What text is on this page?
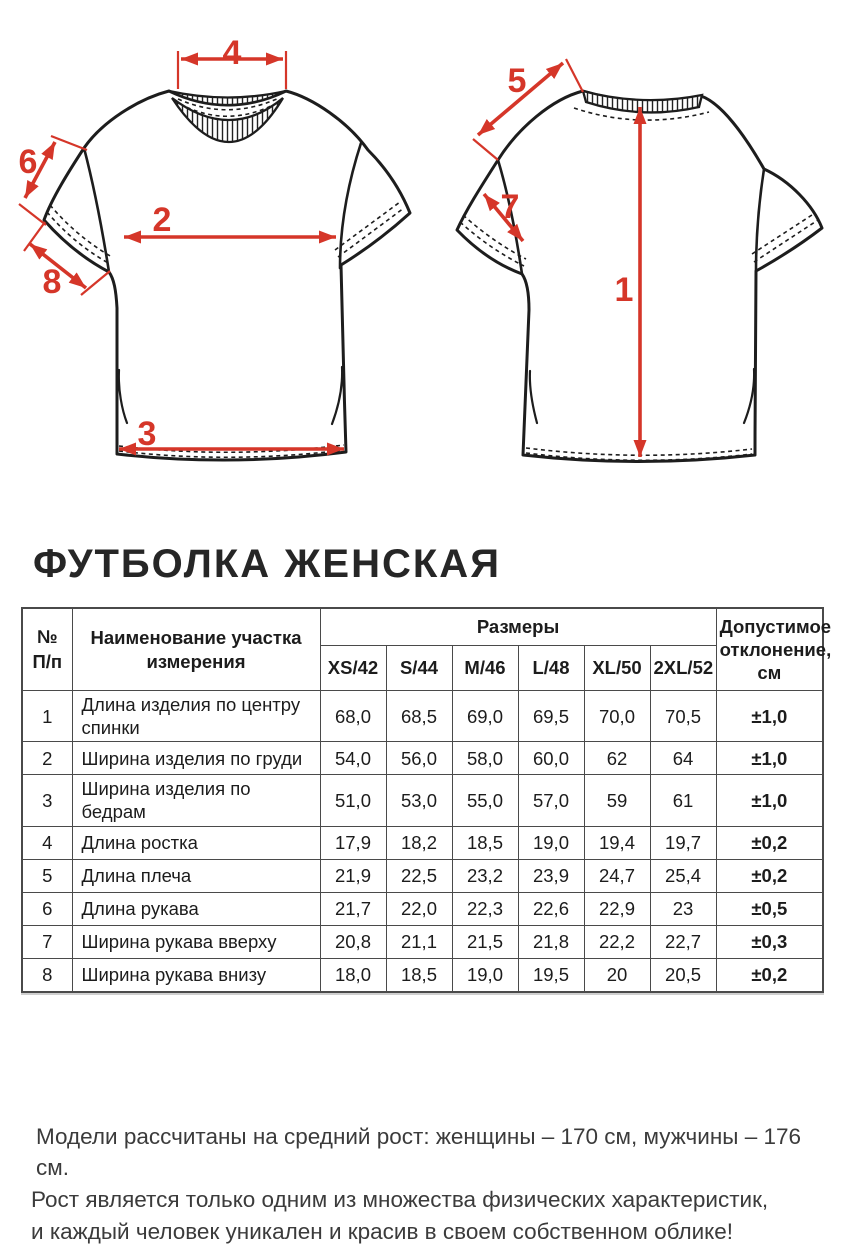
4
6
8
2
3
5
7
1
ФУТБОЛКА ЖЕНСКАЯ
№
П/п	Наименование участка измерения	Размеры						Допустимое отклонение, см
		XS/42	S/44	M/46	L/48	XL/50	2XL/52	
1	Длина изделия по центру спинки	68,0	68,5	69,0	69,5	70,0	70,5	±1,0
2	Ширина изделия по груди	54,0	56,0	58,0	60,0	62	64	±1,0
3	Ширина изделия по бедрам	51,0	53,0	55,0	57,0	59	61	±1,0
4	Длина ростка	17,9	18,2	18,5	19,0	19,4	19,7	±0,2
5	Длина плеча	21,9	22,5	23,2	23,9	24,7	25,4	±0,2
6	Длина рукава	21,7	22,0	22,3	22,6	22,9	23	±0,5
7	Ширина рукава вверху	20,8	21,1	21,5	21,8	22,2	22,7	±0,3
8	Ширина рукава внизу	18,0	18,5	19,0	19,5	20	20,5	±0,2
Модели рассчитаны на средний рост: женщины – 170 см, мужчины – 176 см.
Рост является только одним из множества физических характеристик,
и каждый человек уникален и красив в своем собственном облике!
